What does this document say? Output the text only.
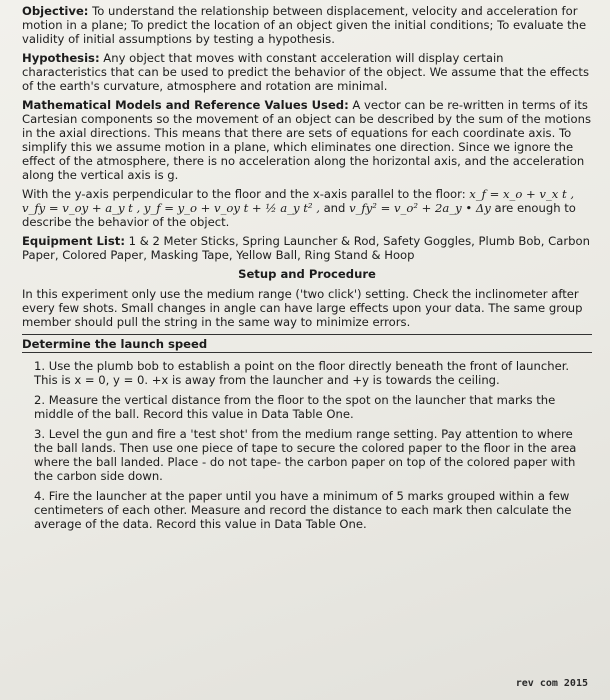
Objective: To understand the relationship between displacement, velocity and acceleration for motion in a plane; To predict the location of an object given the initial conditions; To evaluate the validity of initial assumptions by testing a hypothesis.

Hypothesis: Any object that moves with constant acceleration will display certain characteristics that can be used to predict the behavior of the object. We assume that the effects of the earth's curvature, atmosphere and rotation are minimal.

Mathematical Models and Reference Values Used: A vector can be re-written in terms of its Cartesian components so the movement of an object can be described by the sum of the motions in the axial directions. This means that there are sets of equations for each coordinate axis. To simplify this we assume motion in a plane, which eliminates one direction. Since we ignore the effect of the atmosphere, there is no acceleration along the horizontal axis, and the acceleration along the vertical axis is g.

With the y-axis perpendicular to the floor and the x-axis parallel to the floor: x_f = x_o + v_x t , v_fy = v_oy + a_y t , y_f = y_o + v_oy t + ½ a_y t² , and v_fy² = v_o² + 2a_y • Δy are enough to describe the behavior of the object.

Equipment List: 1 & 2 Meter Sticks, Spring Launcher & Rod, Safety Goggles, Plumb Bob, Carbon Paper, Colored Paper, Masking Tape, Yellow Ball, Ring Stand & Hoop

Setup and Procedure

In this experiment only use the medium range ('two click') setting. Check the inclinometer after every few shots. Small changes in angle can have large effects upon your data. The same group member should pull the string in the same way to minimize errors.

Determine the launch speed
1. Use the plumb bob to establish a point on the floor directly beneath the front of launcher. This is x = 0, y = 0. +x is away from the launcher and +y is towards the ceiling.
2. Measure the vertical distance from the floor to the spot on the launcher that marks the middle of the ball. Record this value in Data Table One.
3. Level the gun and fire a 'test shot' from the medium range setting. Pay attention to where the ball lands. Then use one piece of tape to secure the colored paper to the floor in the area where the ball landed. Place - do not tape- the carbon paper on top of the colored paper with the carbon side down.
4. Fire the launcher at the paper until you have a minimum of 5 marks grouped within a few centimeters of each other. Measure and record the distance to each mark then calculate the average of the data. Record this value in Data Table One.
rev com 2015
